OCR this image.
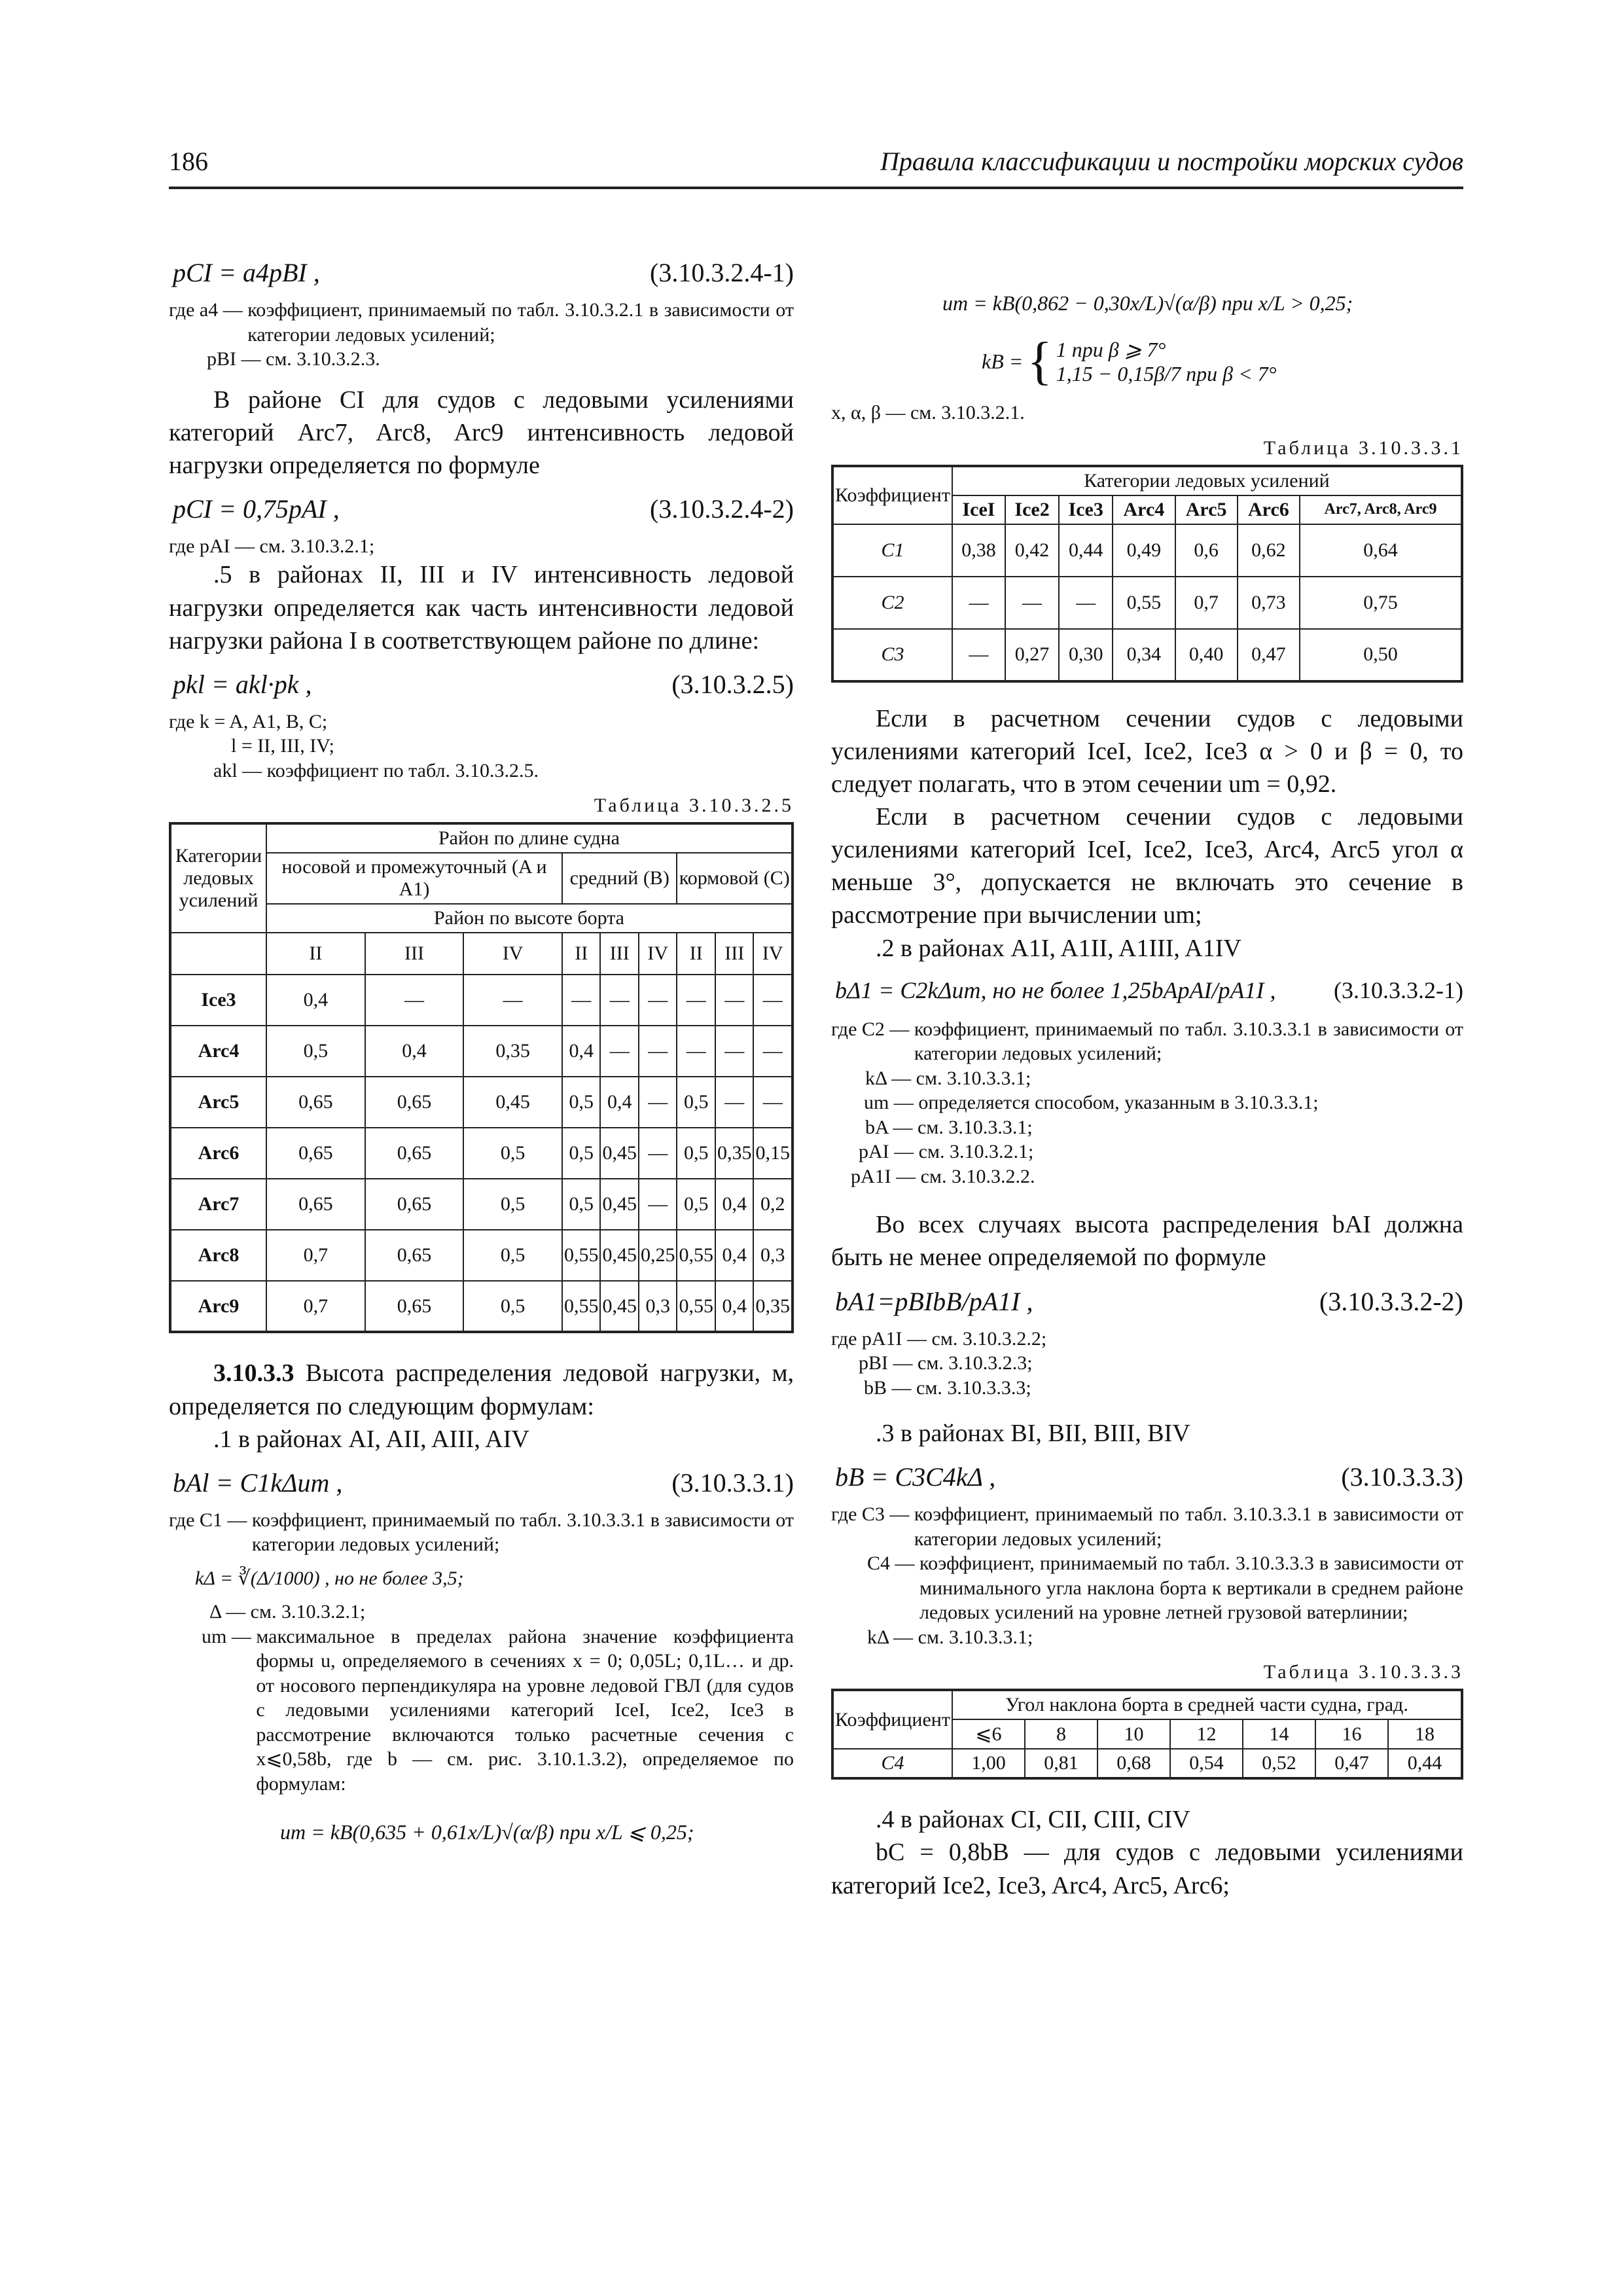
186	Правила классификации и постройки морских судов
pCI = a4pBI ,	(3.10.3.2.4-1)
где a4 —
коэффициент, принимаемый по табл. 3.10.3.2.1 в зависимости от категории ледовых усилений;
pBI —
см. 3.10.3.2.3.

В районе CI для судов с ледовыми усилениями категорий Arc7, Arc8, Arc9 интенсивность ледовой нагрузки определяется по формуле

pCI = 0,75pAI ,	(3.10.3.2.4-2)

где pAI — см. 3.10.3.2.1;

.5 в районах II, III и IV интенсивность ледовой нагрузки определяется как часть интенсивности ледовой нагрузки района I в соответствующем районе по длине:

pkl = akl·pk ,	(3.10.3.2.5)
где k = A, A1, B, C;
l = II, III, IV;
akl — коэффициент по табл. 3.10.3.2.5.
Таблица 3.10.3.2.5
Категории ледовых усилений	Район по длине судна								
	носовой и промежуточный (A и A1)			средний (B)			кормовой (C)		
	Район по высоте борта								
	II	III	IV	II	III	IV	II	III	IV
Ice3	0,4	—	—	—	—	—	—	—	—
Arc4	0,5	0,4	0,35	0,4	—	—	—	—	—
Arc5	0,65	0,65	0,45	0,5	0,4	—	0,5	—	—
Arc6	0,65	0,65	0,5	0,5	0,45	—	0,5	0,35	0,15
Arc7	0,65	0,65	0,5	0,5	0,45	—	0,5	0,4	0,2
Arc8	0,7	0,65	0,5	0,55	0,45	0,25	0,55	0,4	0,3
Arc9	0,7	0,65	0,5	0,55	0,45	0,3	0,55	0,4	0,35

3.10.3.3 Высота распределения ледовой нагрузки, м, определяется по следующим формулам:

.1 в районах AI, AII, AIII, AIV

bAl = C1kΔum ,	(3.10.3.3.1)
где C1 —
коэффициент, принимаемый по табл. 3.10.3.3.1 в зависимости от категории ледовых усилений;
kΔ = ∛(Δ/1000) , но не более 3,5;
Δ —
см. 3.10.3.2.1;
um —
максимальное в пределах района значение коэффициента формы u, определяемого в сечениях x = 0; 0,05L; 0,1L… и др. от носового перпендикуляра на уровне ледовой ГВЛ (для судов с ледовыми усилениями категорий IceI, Ice2, Ice3 в рассмотрение включаются только расчетные сечения с x⩽0,58b, где b — см. рис. 3.10.1.3.2), определяемое по формулам:
um = kB(0,635 + 0,61x/L)√(α/β) при x/L ⩽ 0,25;
um = kB(0,862 − 0,30x/L)√(α/β) при x/L > 0,25;
kB = { 1 при β ⩾ 7°
1,15 − 0,15β/7 при β < 7°

x, α, β — см. 3.10.3.2.1.

Таблица 3.10.3.3.1
Коэффициент	Категории ледовых усилений						
	IceI	Ice2	Ice3	Arc4	Arc5	Arc6	Arc7, Arc8, Arc9
C1	0,38	0,42	0,44	0,49	0,6	0,62	0,64
C2	—	—	—	0,55	0,7	0,73	0,75
C3	—	0,27	0,30	0,34	0,40	0,47	0,50

Если в расчетном сечении судов с ледовыми усилениями категорий IceI, Ice2, Ice3 α > 0 и β = 0, то следует полагать, что в этом сечении um = 0,92.

Если в расчетном сечении судов с ледовыми усилениями категорий IceI, Ice2, Ice3, Arc4, Arc5 угол α меньше 3°, допускается не включать это сечение в рассмотрение при вычислении um;

.2 в районах A1I, A1II, A1III, A1IV

bΔ1 = C2kΔum, но не более 1,25bApAI/pA1I , (3.10.3.3.2-1)
где C2 —
коэффициент, принимаемый по табл. 3.10.3.3.1 в зависимости от категории ледовых усилений;
kΔ —
см. 3.10.3.3.1;
um —
определяется способом, указанным в 3.10.3.3.1;
bA —
см. 3.10.3.3.1;
pAI —
см. 3.10.3.2.1;
pA1I —
см. 3.10.3.2.2.

Во всех случаях высота распределения bAI должна быть не менее определяемой по формуле

bA1=pBIbB/pA1I ,	(3.10.3.3.2-2)
где pA1I —
см. 3.10.3.2.2;
pBI —
см. 3.10.3.2.3;
bB —
см. 3.10.3.3.3;

.3 в районах BI, BII, BIII, BIV

bB = C3C4kΔ ,	(3.10.3.3.3)
где C3 —
коэффициент, принимаемый по табл. 3.10.3.3.1 в зависимости от категории ледовых усилений;
C4 —
коэффициент, принимаемый по табл. 3.10.3.3.3 в зависимости от минимального угла наклона борта к вертикали в среднем районе ледовых усилений на уровне летней грузовой ватерлинии;
kΔ —
см. 3.10.3.3.1;
Таблица 3.10.3.3.3
Коэффициент	Угол наклона борта в средней части судна, град.						
	⩽6	8	10	12	14	16	18
C4	1,00	0,81	0,68	0,54	0,52	0,47	0,44

.4 в районах CI, CII, CIII, CIV

bC = 0,8bB — для судов с ледовыми усилениями категорий Ice2, Ice3, Arc4, Arc5, Arc6;
